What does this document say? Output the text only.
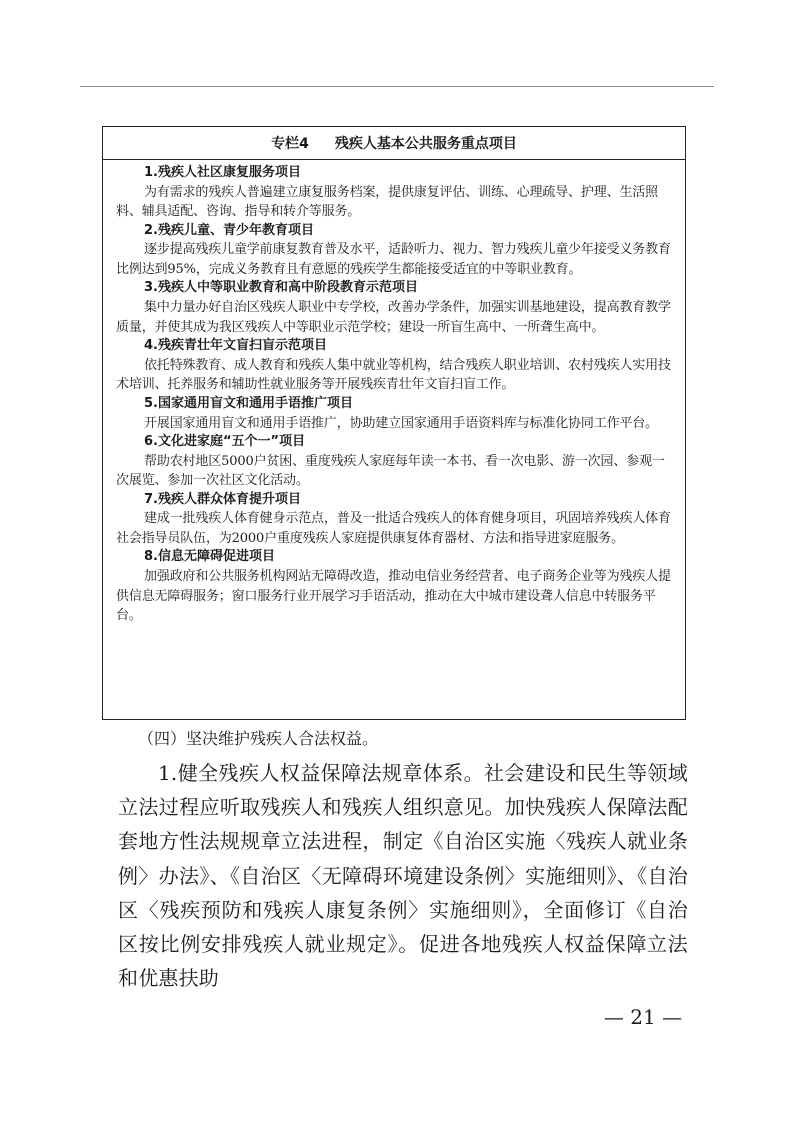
专栏4 残疾人基本公共服务重点项目
1.残疾人社区康复服务项目

为有需求的残疾人普遍建立康复服务档案，提供康复评估、训练、心理疏导、护理、生活照料、辅具适配、咨询、指导和转介等服务。

2.残疾儿童、青少年教育项目

逐步提高残疾儿童学前康复教育普及水平，适龄听力、视力、智力残疾儿童少年接受义务教育比例达到95%，完成义务教育且有意愿的残疾学生都能接受适宜的中等职业教育。

3.残疾人中等职业教育和高中阶段教育示范项目

集中力量办好自治区残疾人职业中专学校，改善办学条件，加强实训基地建设，提高教育教学质量，并使其成为我区残疾人中等职业示范学校；建设一所盲生高中、一所聋生高中。

4.残疾青壮年文盲扫盲示范项目

依托特殊教育、成人教育和残疾人集中就业等机构，结合残疾人职业培训、农村残疾人实用技术培训、托养服务和辅助性就业服务等开展残疾青壮年文盲扫盲工作。

5.国家通用盲文和通用手语推广项目

开展国家通用盲文和通用手语推广，协助建立国家通用手语资料库与标准化协同工作平台。

6.文化进家庭“五个一”项目

帮助农村地区5000户贫困、重度残疾人家庭每年读一本书、看一次电影、游一次园、参观一次展览、参加一次社区文化活动。

7.残疾人群众体育提升项目

建成一批残疾人体育健身示范点，普及一批适合残疾人的体育健身项目，巩固培养残疾人体育社会指导员队伍，为2000户重度残疾人家庭提供康复体育器材、方法和指导进家庭服务。

8.信息无障碍促进项目

加强政府和公共服务机构网站无障碍改造，推动电信业务经营者、电子商务企业等为残疾人提供信息无障碍服务；窗口服务行业开展学习手语活动，推动在大中城市建设聋人信息中转服务平台。

（四）坚决维护残疾人合法权益。

1.健全残疾人权益保障法规章体系。社会建设和民生等领域立法过程应听取残疾人和残疾人组织意见。加快残疾人保障法配套地方性法规规章立法进程，制定《自治区实施〈残疾人就业条例〉办法》、《自治区〈无障碍环境建设条例〉实施细则》、《自治区〈残疾预防和残疾人康复条例〉实施细则》，全面修订《自治区按比例安排残疾人就业规定》。促进各地残疾人权益保障立法和优惠扶助

— 21 —
